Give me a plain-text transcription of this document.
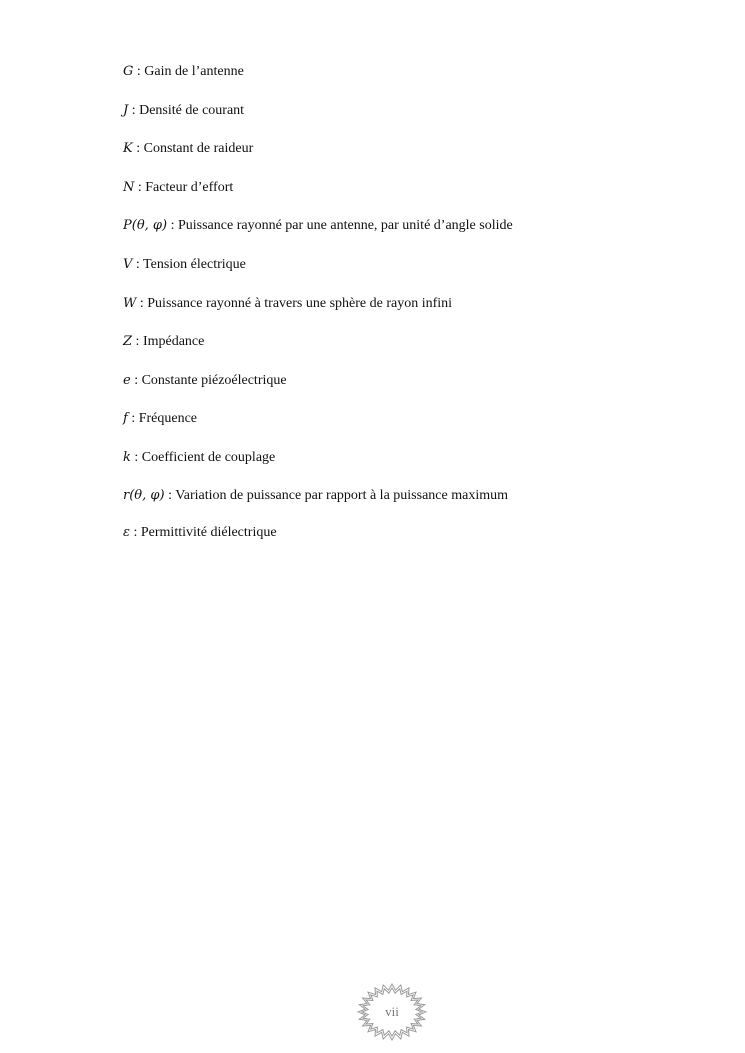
G : Gain de l’antenne
J : Densité de courant
K : Constant de raideur
N : Facteur d’effort
P(θ, φ) : Puissance rayonné par une antenne, par unité d’angle solide
V : Tension électrique
W : Puissance rayonné à travers une sphère de rayon infini
Z : Impédance
e : Constante piézoélectrique
f : Fréquence
k : Coefficient de couplage
r(θ, φ) : Variation de puissance par rapport à la puissance maximum
ε : Permittivité diélectrique
vii
